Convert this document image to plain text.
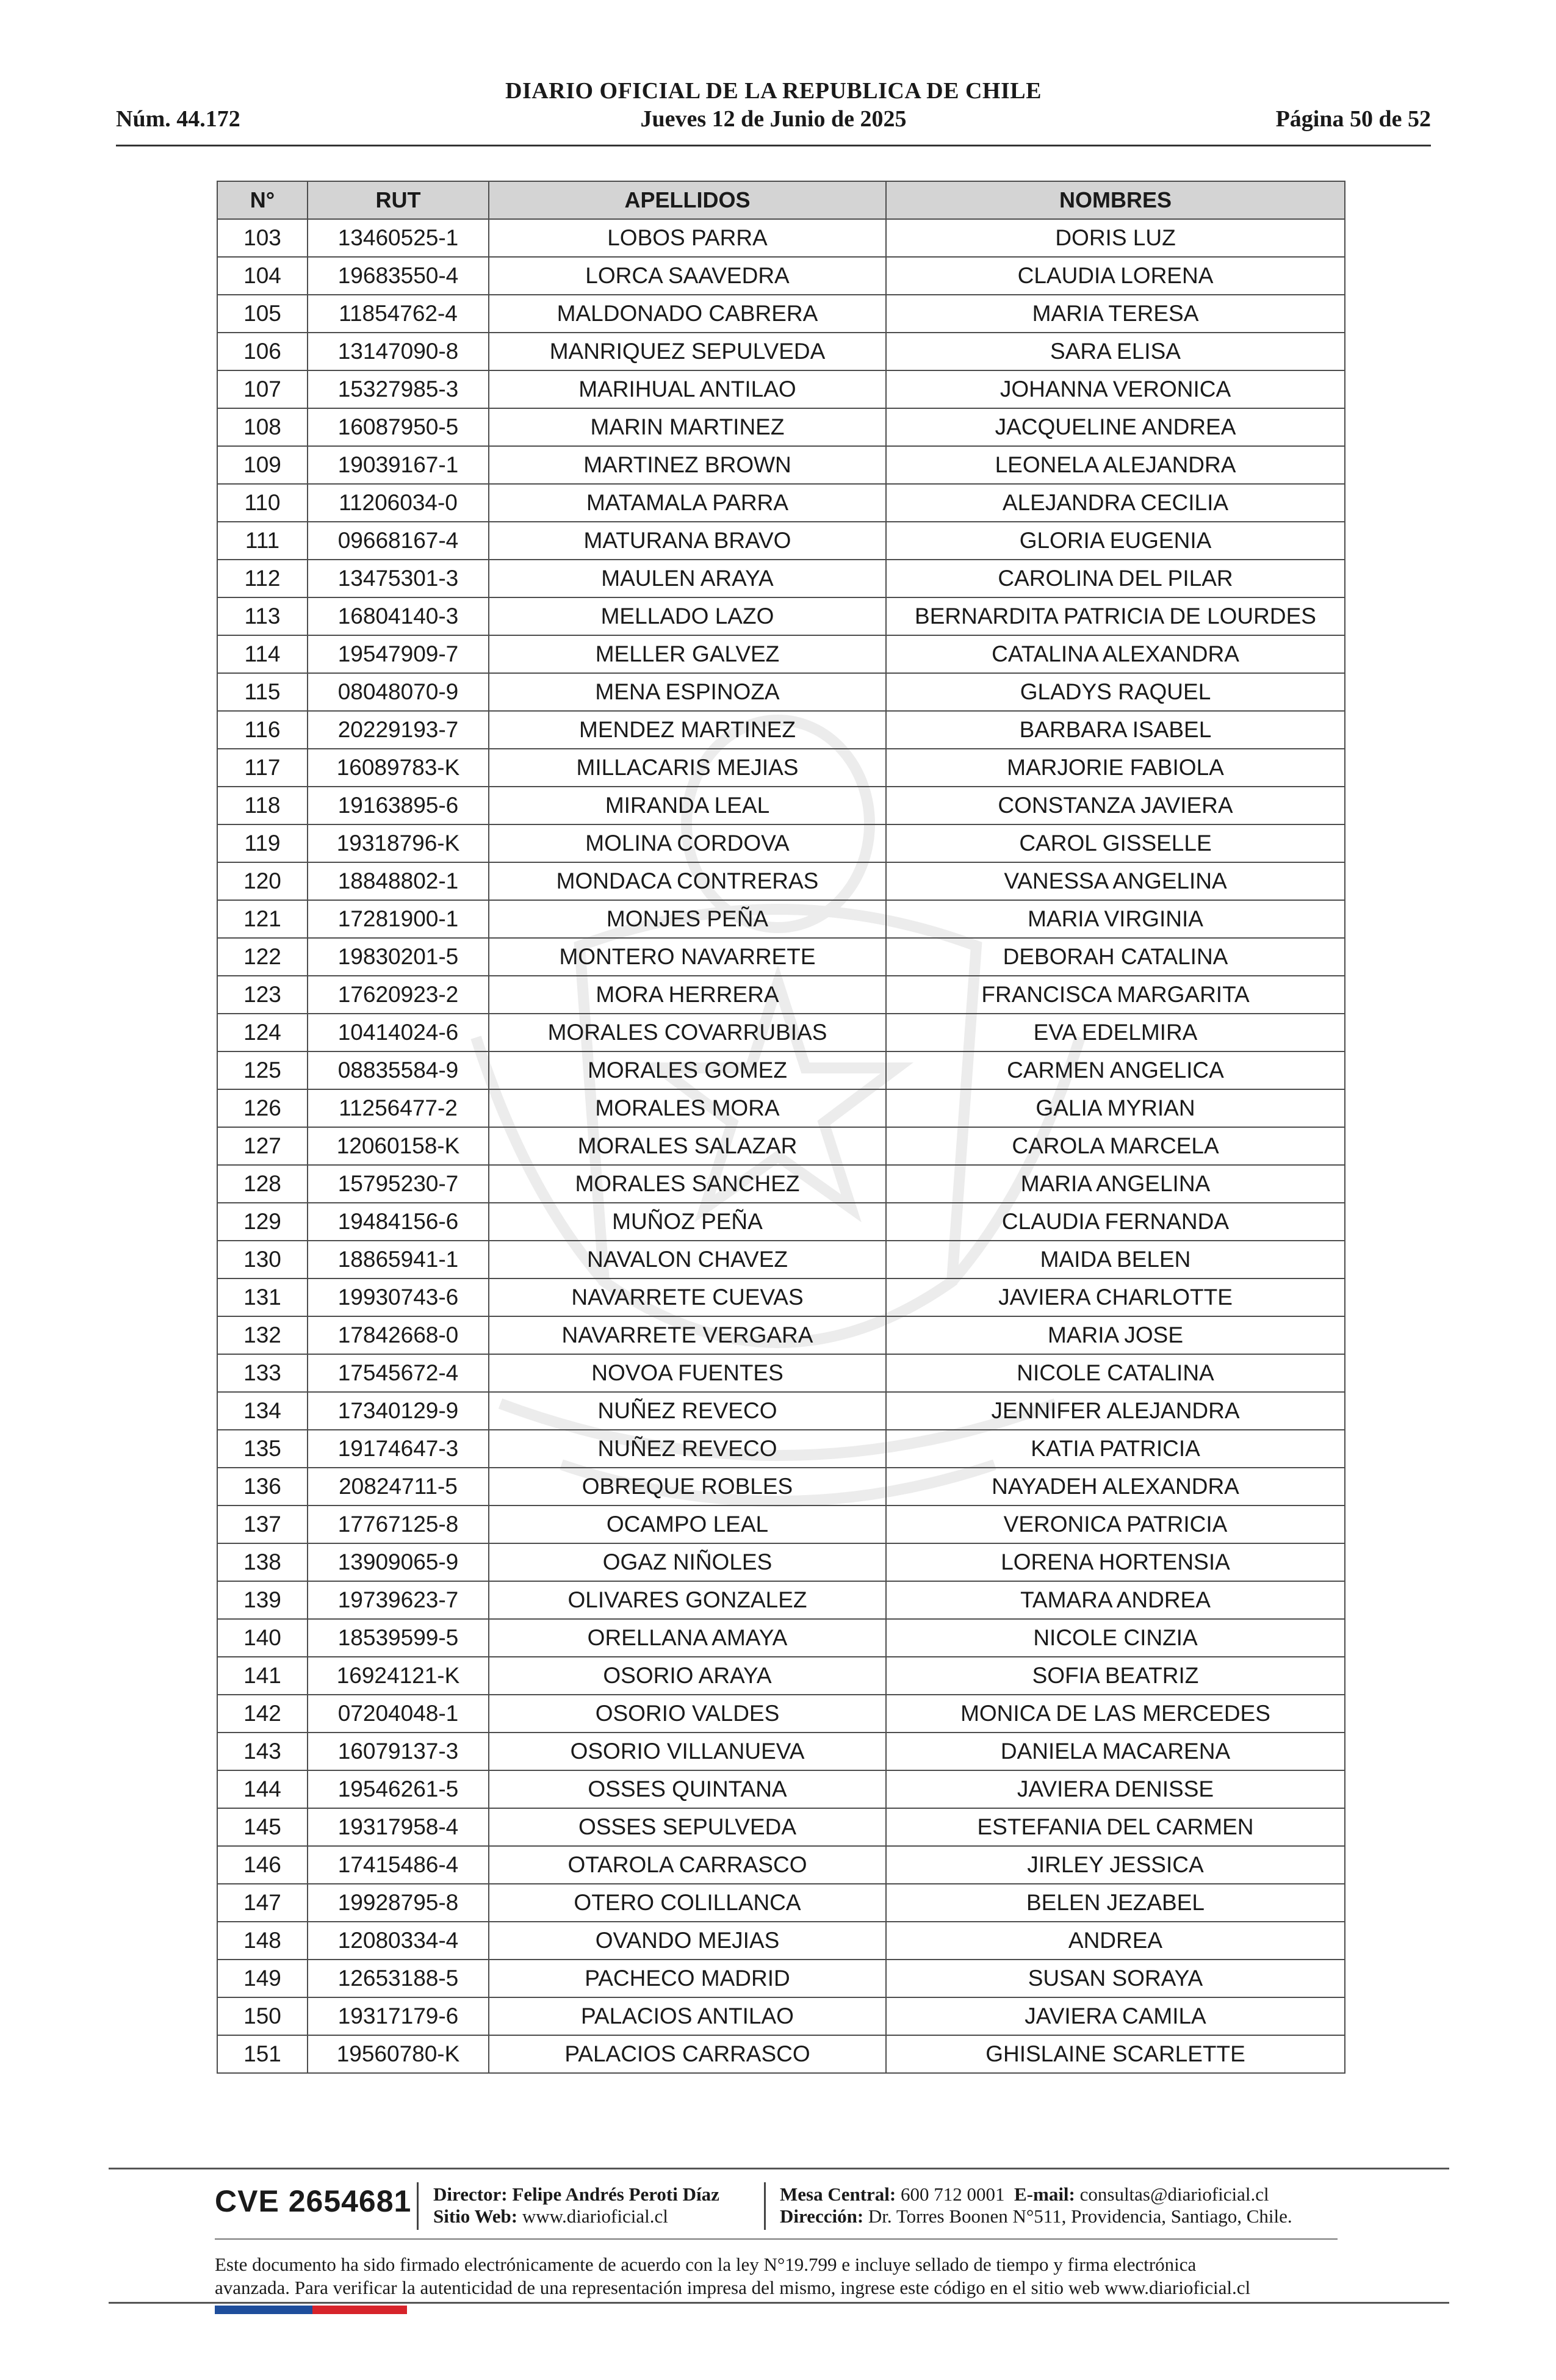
DIARIO OFICIAL DE LA REPUBLICA DE CHILE
Núm. 44.172	Jueves 12 de Junio de 2025	Página 50 de 52
N°	RUT	APELLIDOS	NOMBRES
103	13460525-1	LOBOS PARRA	DORIS LUZ
104	19683550-4	LORCA SAAVEDRA	CLAUDIA LORENA
105	11854762-4	MALDONADO CABRERA	MARIA TERESA
106	13147090-8	MANRIQUEZ SEPULVEDA	SARA ELISA
107	15327985-3	MARIHUAL ANTILAO	JOHANNA VERONICA
108	16087950-5	MARIN MARTINEZ	JACQUELINE ANDREA
109	19039167-1	MARTINEZ BROWN	LEONELA ALEJANDRA
110	11206034-0	MATAMALA PARRA	ALEJANDRA CECILIA
111	09668167-4	MATURANA BRAVO	GLORIA EUGENIA
112	13475301-3	MAULEN ARAYA	CAROLINA DEL PILAR
113	16804140-3	MELLADO LAZO	BERNARDITA PATRICIA DE LOURDES
114	19547909-7	MELLER GALVEZ	CATALINA ALEXANDRA
115	08048070-9	MENA ESPINOZA	GLADYS RAQUEL
116	20229193-7	MENDEZ MARTINEZ	BARBARA ISABEL
117	16089783-K	MILLACARIS MEJIAS	MARJORIE FABIOLA
118	19163895-6	MIRANDA LEAL	CONSTANZA JAVIERA
119	19318796-K	MOLINA CORDOVA	CAROL GISSELLE
120	18848802-1	MONDACA CONTRERAS	VANESSA ANGELINA
121	17281900-1	MONJES PEÑA	MARIA VIRGINIA
122	19830201-5	MONTERO NAVARRETE	DEBORAH CATALINA
123	17620923-2	MORA HERRERA	FRANCISCA MARGARITA
124	10414024-6	MORALES COVARRUBIAS	EVA EDELMIRA
125	08835584-9	MORALES GOMEZ	CARMEN ANGELICA
126	11256477-2	MORALES MORA	GALIA MYRIAN
127	12060158-K	MORALES SALAZAR	CAROLA MARCELA
128	15795230-7	MORALES SANCHEZ	MARIA ANGELINA
129	19484156-6	MUÑOZ PEÑA	CLAUDIA FERNANDA
130	18865941-1	NAVALON CHAVEZ	MAIDA BELEN
131	19930743-6	NAVARRETE CUEVAS	JAVIERA CHARLOTTE
132	17842668-0	NAVARRETE VERGARA	MARIA JOSE
133	17545672-4	NOVOA FUENTES	NICOLE CATALINA
134	17340129-9	NUÑEZ REVECO	JENNIFER ALEJANDRA
135	19174647-3	NUÑEZ REVECO	KATIA PATRICIA
136	20824711-5	OBREQUE ROBLES	NAYADEH ALEXANDRA
137	17767125-8	OCAMPO LEAL	VERONICA PATRICIA
138	13909065-9	OGAZ NIÑOLES	LORENA HORTENSIA
139	19739623-7	OLIVARES GONZALEZ	TAMARA ANDREA
140	18539599-5	ORELLANA AMAYA	NICOLE CINZIA
141	16924121-K	OSORIO ARAYA	SOFIA BEATRIZ
142	07204048-1	OSORIO VALDES	MONICA DE LAS MERCEDES
143	16079137-3	OSORIO VILLANUEVA	DANIELA MACARENA
144	19546261-5	OSSES QUINTANA	JAVIERA DENISSE
145	19317958-4	OSSES SEPULVEDA	ESTEFANIA DEL CARMEN
146	17415486-4	OTAROLA CARRASCO	JIRLEY JESSICA
147	19928795-8	OTERO COLILLANCA	BELEN JEZABEL
148	12080334-4	OVANDO MEJIAS	ANDREA
149	12653188-5	PACHECO MADRID	SUSAN SORAYA
150	19317179-6	PALACIOS ANTILAO	JAVIERA CAMILA
151	19560780-K	PALACIOS CARRASCO	GHISLAINE SCARLETTE
CVE 2654681 Director: Felipe Andrés Peroti Díaz
Sitio Web: www.diarioficial.cl
Mesa Central: 600 712 0001 E-mail: consultas@diarioficial.cl
Dirección: Dr. Torres Boonen N°511, Providencia, Santiago, Chile.
Este documento ha sido firmado electrónicamente de acuerdo con la ley N°19.799 e incluye sellado de tiempo y firma electrónica
avanzada. Para verificar la autenticidad de una representación impresa del mismo, ingrese este código en el sitio web www.diarioficial.cl
